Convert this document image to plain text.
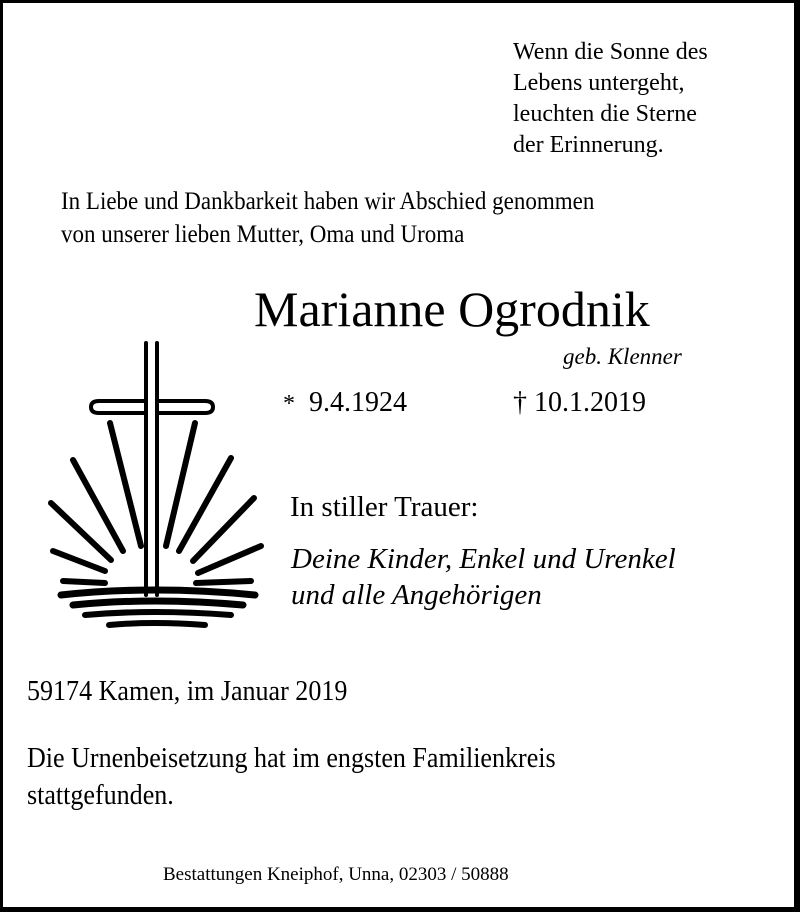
Wenn die Sonne des
Lebens untergeht,
leuchten die Sterne
der Erinnerung.
In Liebe und Dankbarkeit haben wir Abschied genommen
von unserer lieben Mutter, Oma und Uroma
Marianne Ogrodnik
geb. Klenner
* 9.4.1924	† 10.1.2019
In stiller Trauer:
Deine Kinder, Enkel und Urenkel
und alle Angehörigen
59174 Kamen, im Januar 2019
Die Urnenbeisetzung hat im engsten Familienkreis
stattgefunden.
Bestattungen Kneiphof, Unna, 02303 / 50888
